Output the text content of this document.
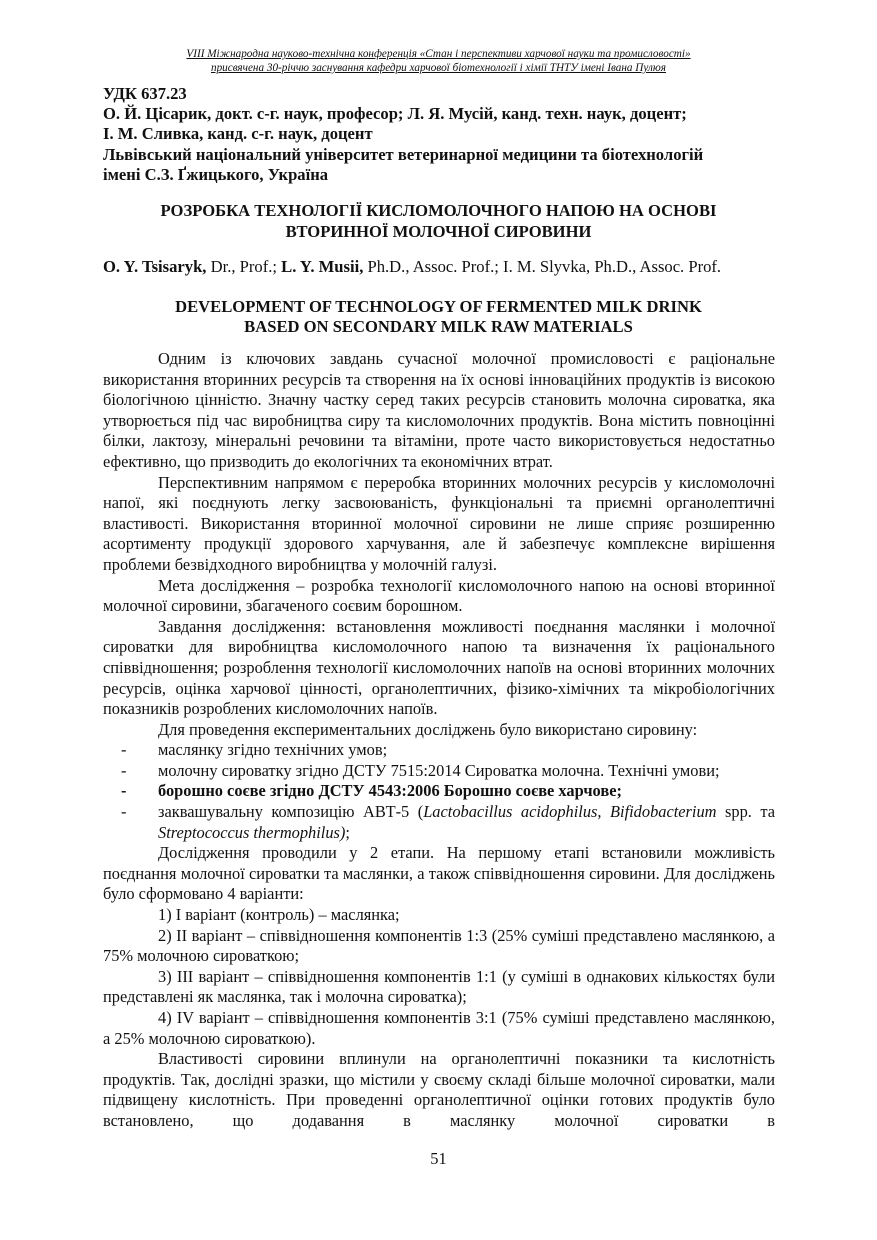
VIII Міжнародна науково-технічна конференція «Стан і перспективи харчової науки та промисловості»
присвячена 30-річчю заснування кафедри харчової біотехнології і хімії ТНТУ імені Івана Пулюя
УДК 637.23
О. Й. Цісарик, докт. с-г. наук, професор; Л. Я. Мусій, канд. техн. наук, доцент;
І. М. Сливка, канд. с-г. наук, доцент
Львівський національний університет ветеринарної медицини та біотехнологій
імені С.З. Ґжицького, Україна
РОЗРОБКА ТЕХНОЛОГІЇ КИСЛОМОЛОЧНОГО НАПОЮ НА ОСНОВІ
ВТОРИННОЇ МОЛОЧНОЇ СИРОВИНИ
O. Y. Tsisaryk, Dr., Prof.; L. Y. Musii, Ph.D., Assoc. Prof.; I. M. Slyvka, Ph.D., Assoc. Prof.
DEVELOPMENT OF TECHNOLOGY OF FERMENTED MILK DRINK
BASED ON SECONDARY MILK RAW MATERIALS

Одним із ключових завдань сучасної молочної промисловості є раціональне використання вторинних ресурсів та створення на їх основі інноваційних продуктів із високою біологічною цінністю. Значну частку серед таких ресурсів становить молочна сироватка, яка утворюється під час виробництва сиру та кисломолочних продуктів. Вона містить повноцінні білки, лактозу, мінеральні речовини та вітаміни, проте часто використовується недостатньо ефективно, що призводить до екологічних та економічних втрат.

Перспективним напрямом є переробка вторинних молочних ресурсів у кисломолочні напої, які поєднують легку засвоюваність, функціональні та приємні органолептичні властивості. Використання вторинної молочної сировини не лише сприяє розширенню асортименту продукції здорового харчування, але й забезпечує комплексне вирішення проблеми безвідходного виробництва у молочній галузі.

Мета дослідження – розробка технології кисломолочного напою на основі вторинної молочної сировини, збагаченого соєвим борошном.

Завдання дослідження: встановлення можливості поєднання маслянки і молочної сироватки для виробництва кисломолочного напою та визначення їх раціонального співвідношення; розроблення технології кисломолочних напоїв на основі вторинних молочних ресурсів, оцінка харчової цінності, органолептичних, фізико-хімічних та мікробіологічних показників розроблених кисломолочних напоїв.

Для проведення експериментальних досліджень було використано сировину:

- маслянку згідно технічних умов;

- молочну сироватку згідно ДСТУ 7515:2014 Сироватка молочна. Технічні умови;

- борошно соєве згідно ДСТУ 4543:2006 Борошно соєве харчове;

- заквашувальну композицію АВТ-5 (Lactobacillus acidophilus, Bifidobacterium spp. та Streptococcus thermophilus);

Дослідження проводили у 2 етапи. На першому етапі встановили можливість поєднання молочної сироватки та маслянки, а також співвідношення сировини. Для досліджень було сформовано 4 варіанти:

1) I варіант (контроль) – маслянка;

2) II варіант – співвідношення компонентів 1:3 (25% суміші представлено маслянкою, а 75% молочною сироваткою;

3) III варіант – співвідношення компонентів 1:1 (у суміші в однакових кількостях були представлені як маслянка, так і молочна сироватка);

4) IV варіант – співвідношення компонентів 3:1 (75% суміші представлено маслянкою, а 25% молочною сироваткою).

Властивості сировини вплинули на органолептичні показники та кислотність продуктів. Так, дослідні зразки, що містили у своєму складі більше молочної сироватки, мали підвищену кислотність. При проведенні органолептичної оцінки готових продуктів було встановлено, що додавання в маслянку молочної сироватки в

51
